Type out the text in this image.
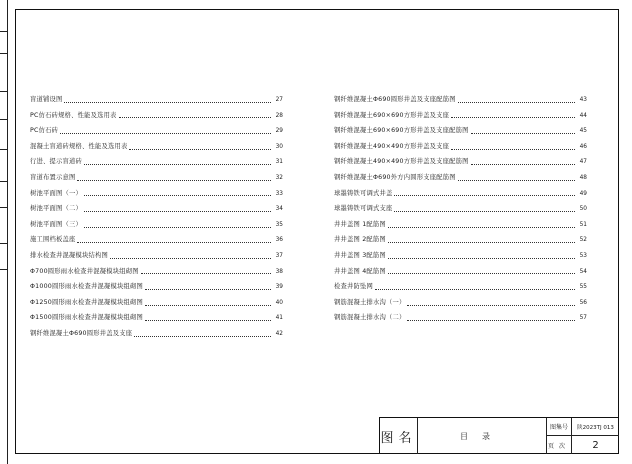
盲道铺设图	27
PC仿石砖规格、性能及选用表	28
PC仿石砖	29
混凝土盲道砖规格、性能及选用表	30
行进、提示盲道砖	31
盲道布置示意图	32
树池平面图（一）	33
树池平面图（二）	34
树池平面图（三）	35
施工围档板盖座	36
排水检查井混凝模块结构图	37
Φ700圆形雨水检查井混凝模块组砌图	38
Φ1000圆形雨水检查井混凝模块组砌图	39
Φ1250圆形雨水检查井混凝模块组砌图	40
Φ1500圆形雨水检查井混凝模块组砌图	41
钢纤维混凝土Φ690圆形井盖及支座	42
钢纤维混凝土Φ690圆形井盖及支座配筋图	43
钢纤维混凝土690×690方形井盖及支座	44
钢纤维混凝土690×690方形井盖及支座配筋图	45
钢纤维混凝土490×490方形井盖及支座	46
钢纤维混凝土490×490方形井盖及支座配筋图	47
钢纤维混凝土Φ690外方内圆形支座配筋图	48
球墨铸铁可调式井盖	49
球墨铸铁可调式支座	50
井井盖图 1配筋图	51
井井盖图 2配筋图	52
井井盖图 3配筋图	53
井井盖图 4配筋图	54
检查井防坠网	55
钢筋混凝土排水沟（一）	56
钢筋混凝土排水沟（二）	57
图名	目录
图集号	陕2023TJ 013
页次	2
